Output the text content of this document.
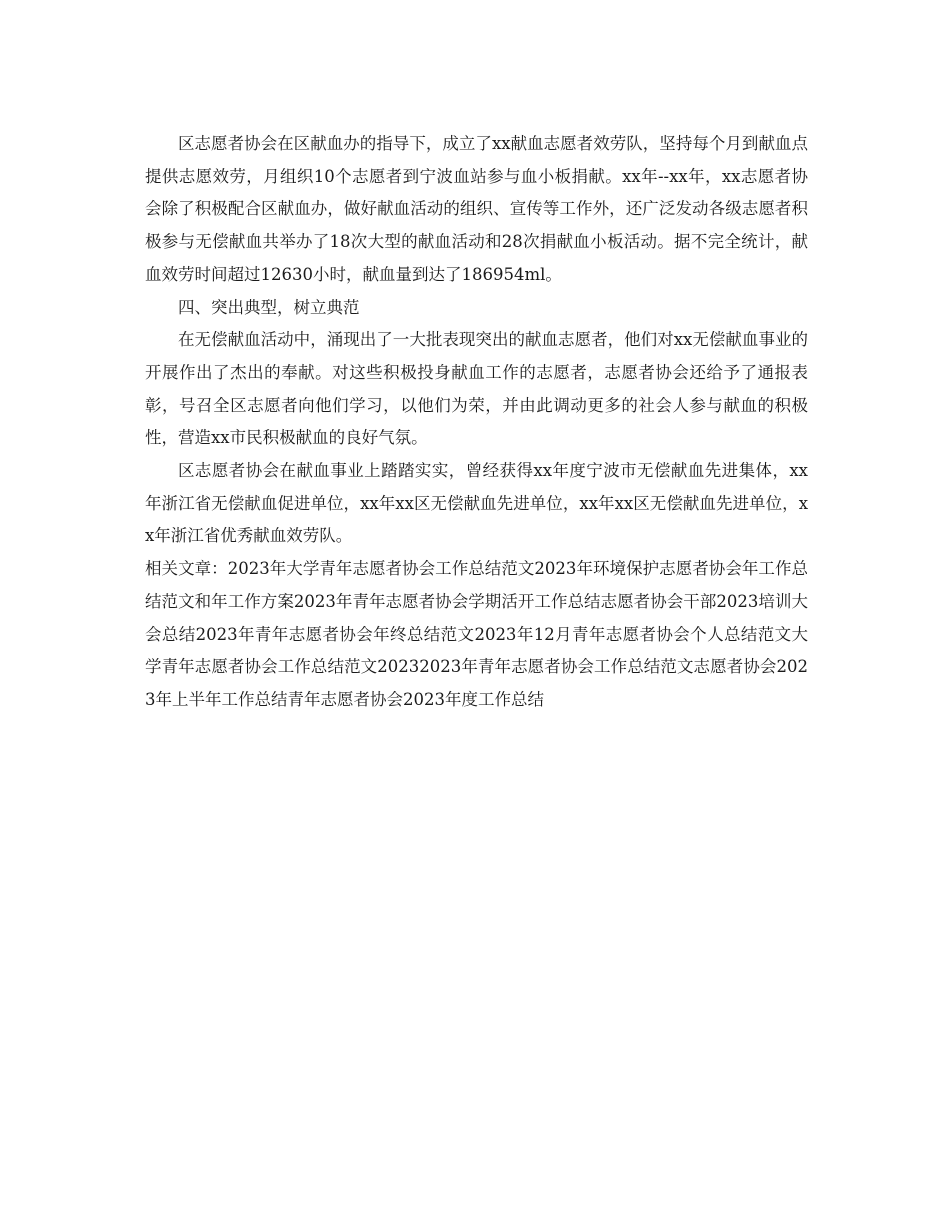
区志愿者协会在区献血办的指导下，成立了xx献血志愿者效劳队，坚持每个月到献血点提供志愿效劳，月组织10个志愿者到宁波血站参与血小板捐献。xx年--xx年，xx志愿者协会除了积极配合区献血办，做好献血活动的组织、宣传等工作外，还广泛发动各级志愿者积极参与无偿献血共举办了18次大型的献血活动和28次捐献血小板活动。据不完全统计，献血效劳时间超过12630小时，献血量到达了186954ml。

四、突出典型，树立典范

在无偿献血活动中，涌现出了一大批表现突出的献血志愿者，他们对xx无偿献血事业的开展作出了杰出的奉献。对这些积极投身献血工作的志愿者，志愿者协会还给予了通报表彰，号召全区志愿者向他们学习，以他们为荣，并由此调动更多的社会人参与献血的积极性，营造xx市民积极献血的良好气氛。

区志愿者协会在献血事业上踏踏实实，曾经获得xx年度宁波市无偿献血先进集体，xx年浙江省无偿献血促进单位，xx年xx区无偿献血先进单位，xx年xx区无偿献血先进单位，xx年浙江省优秀献血效劳队。

相关文章：2023年大学青年志愿者协会工作总结范文2023年环境保护志愿者协会年工作总结范文和年工作方案2023年青年志愿者协会学期活开工作总结志愿者协会干部2023培训大会总结2023年青年志愿者协会年终总结范文2023年12月青年志愿者协会个人总结范文大学青年志愿者协会工作总结范文20232023年青年志愿者协会工作总结范文志愿者协会2023年上半年工作总结青年志愿者协会2023年度工作总结
